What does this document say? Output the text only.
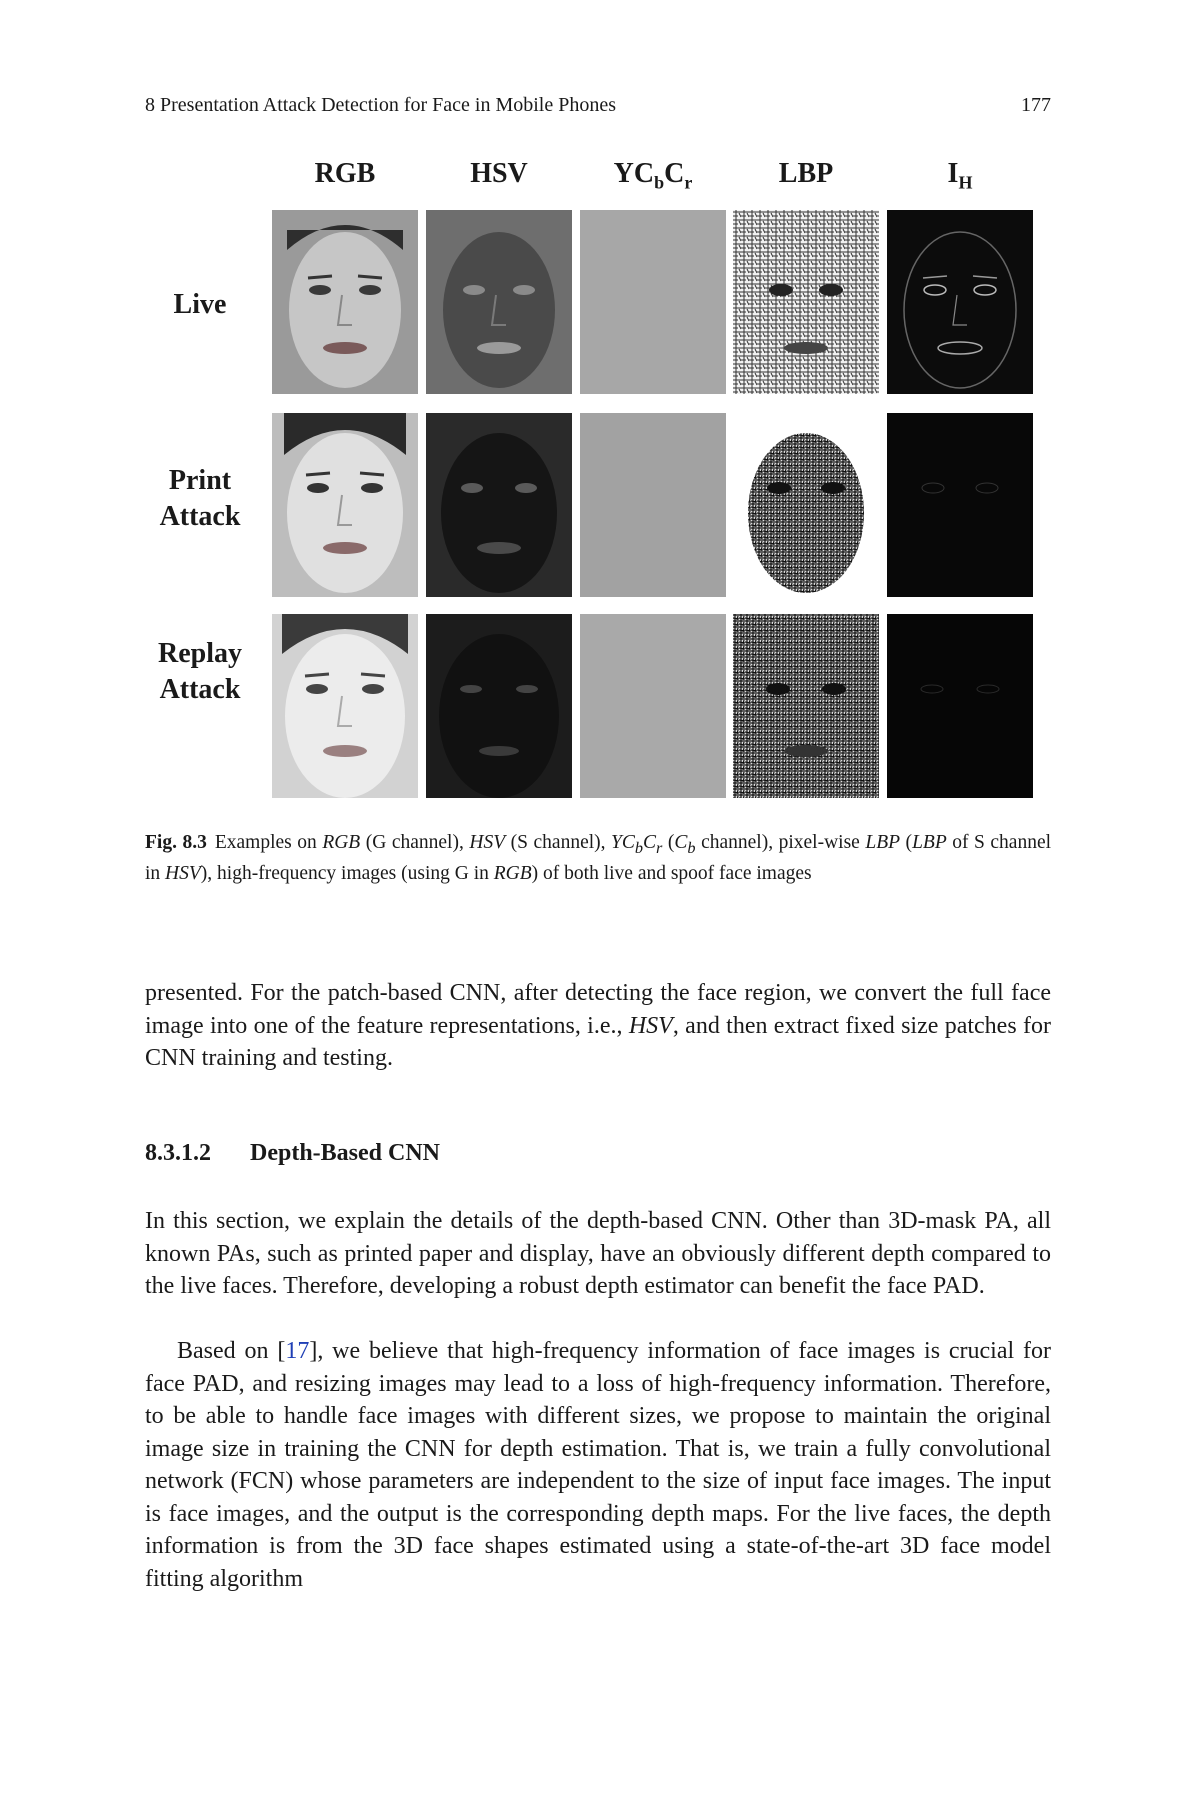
8 Presentation Attack Detection for Face in Mobile Phones	177
RGB	HSV	$YC_bC_r$	LBP	$I_H$
Live
Print
Attack
Replay
Attack
Fig. 8.3 Examples on RGB (G channel), HSV (S channel), $YC_bC_r$ ($C_b$ channel), pixel-wise LBP (LBP of S channel in HSV), high-frequency images (using G in RGB) of both live and spoof face images
presented. For the patch-based CNN, after detecting the face region, we convert the full face image into one of the feature representations, i.e., HSV, and then extract fixed size patches for CNN training and testing.
8.3.1.2 Depth-Based CNN
In this section, we explain the details of the depth-based CNN. Other than 3D-mask PA, all known PAs, such as printed paper and display, have an obviously different depth compared to the live faces. Therefore, developing a robust depth estimator can benefit the face PAD.
Based on [17], we believe that high-frequency information of face images is crucial for face PAD, and resizing images may lead to a loss of high-frequency information. Therefore, to be able to handle face images with different sizes, we propose to maintain the original image size in training the CNN for depth estimation. That is, we train a fully convolutional network (FCN) whose parameters are independent to the size of input face images. The input is face images, and the output is the corresponding depth maps. For the live faces, the depth information is from the 3D face shapes estimated using a state-of-the-art 3D face model fitting algorithm
